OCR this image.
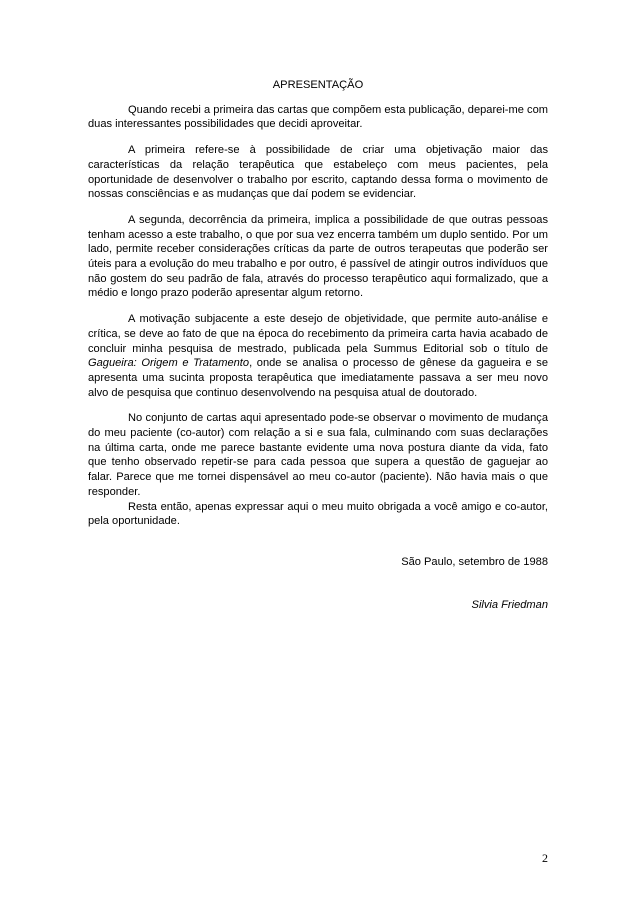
APRESENTAÇÃO

Quando recebi a primeira das cartas que compõem esta publicação, deparei-me com duas interessantes possibilidades que decidi aproveitar.

A primeira refere-se à possibilidade de criar uma objetivação maior das características da relação terapêutica que estabeleço com meus pacientes, pela oportunidade de desenvolver o trabalho por escrito, captando dessa forma o movimento de nossas consciências e as mudanças que daí podem se evidenciar.

A segunda, decorrência da primeira, implica a possibilidade de que outras pessoas tenham acesso a este trabalho, o que por sua vez encerra também um duplo sentido. Por um lado, permite receber considerações críticas da parte de outros terapeutas que poderão ser úteis para a evolução do meu trabalho e por outro, é passível de atingir outros indivíduos que não gostem do seu padrão de fala, através do processo terapêutico aqui formalizado, que a médio e longo prazo poderão apresentar algum retorno.

A motivação subjacente a este desejo de objetividade, que permite auto-análise e crítica, se deve ao fato de que na época do recebimento da primeira carta havia acabado de concluir minha pesquisa de mestrado, publicada pela Summus Editorial sob o título de Gagueira: Origem e Tratamento, onde se analisa o processo de gênese da gagueira e se apresenta uma sucinta proposta terapêutica que imediatamente passava a ser meu novo alvo de pesquisa que continuo desenvolvendo na pesquisa atual de doutorado.

No conjunto de cartas aqui apresentado pode-se observar o movimento de mudança do meu paciente (co-autor) com relação a si e sua fala, culminando com suas declarações na última carta, onde me parece bastante evidente uma nova postura diante da vida, fato que tenho observado repetir-se para cada pessoa que supera a questão de gaguejar ao falar. Parece que me tornei dispensável ao meu co-autor (paciente). Não havia mais o que responder.

Resta então, apenas expressar aqui o meu muito obrigada a você amigo e co-autor, pela oportunidade.

São Paulo, setembro de 1988
Silvia Friedman
2
